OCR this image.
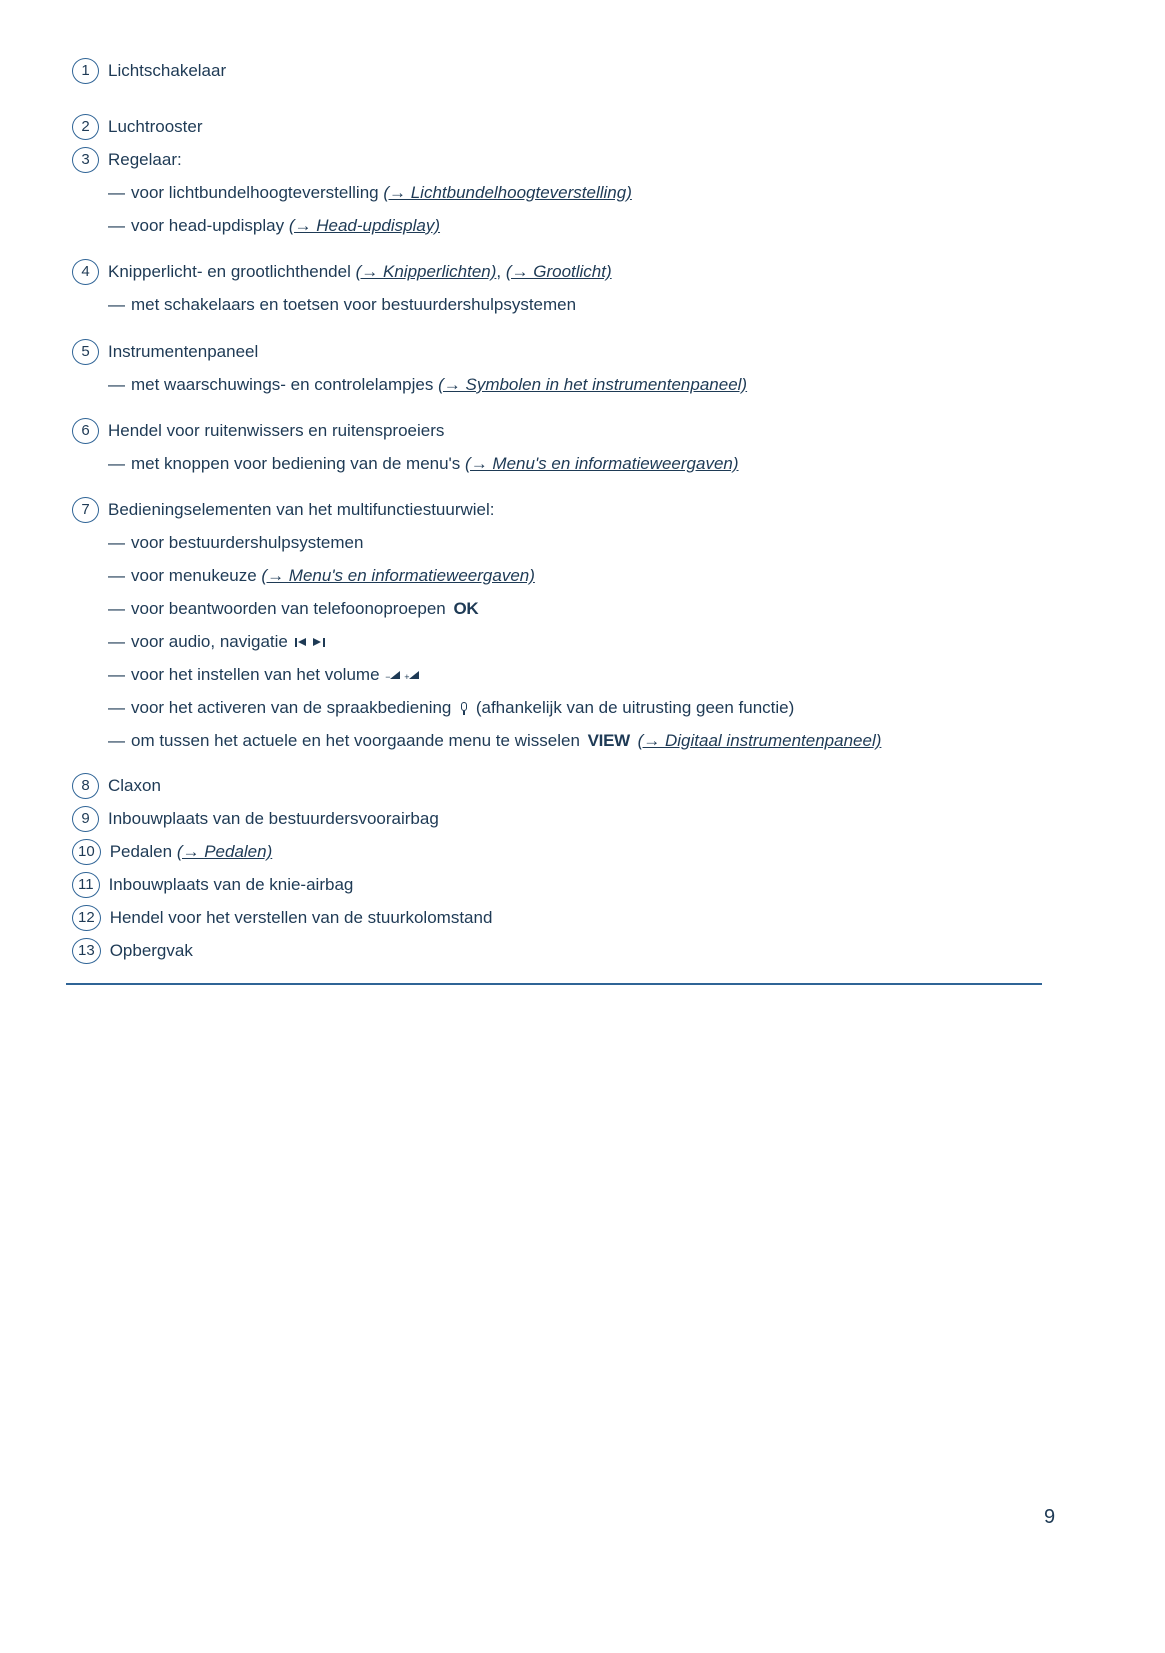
1	Lichtschakelaar
2	Luchtrooster
3	Regelaar:
— voor lichtbundelhoogteverstelling (→ Lichtbundelhoogteverstelling)
— voor head-updisplay (→ Head-updisplay)
4	Knipperlicht- en grootlichthendel (→ Knipperlichten), (→ Grootlicht)
— met schakelaars en toetsen voor bestuurdershulpsystemen
5	Instrumentenpaneel
— met waarschuwings- en controlelampjes (→ Symbolen in het instrumentenpaneel)
6	Hendel voor ruitenwissers en ruitensproeiers
— met knoppen voor bediening van de menu's (→ Menu's en informatieweergaven)
7	Bedieningselementen van het multifunctiestuurwiel:
— voor bestuurdershulpsystemen
— voor menukeuze (→ Menu's en informatieweergaven)
— voor beantwoorden van telefoonoproepen OK
— voor audio, navigatie
— voor het instellen van het volume −+
— voor het activeren van de spraakbediening  (afhankelijk van de uitrusting geen functie)
— om tussen het actuele en het voorgaande menu te wisselen VIEW (→ Digitaal instrumentenpaneel)
8	Claxon
9	Inbouwplaats van de bestuurdersvoorairbag
10 Pedalen (→ Pedalen)
11 Inbouwplaats van de knie-airbag
12 Hendel voor het verstellen van de stuurkolomstand
13 Opbergvak
9
